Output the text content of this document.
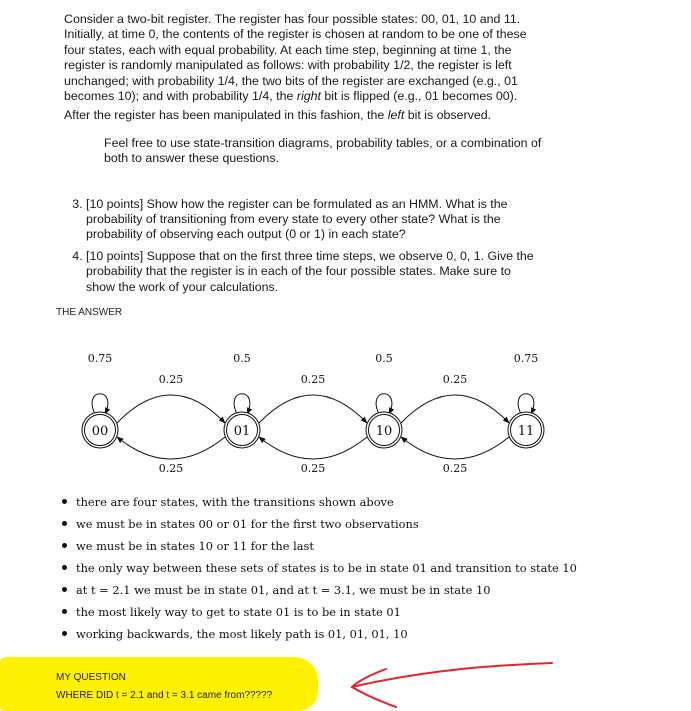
Consider a two-bit register. The register has four possible states: 00, 01, 10 and 11.
Initially, at time 0, the contents of the register is chosen at random to be one of these
four states, each with equal probability. At each time step, beginning at time 1, the
register is randomly manipulated as follows: with probability 1/2, the register is left
unchanged; with probability 1/4, the two bits of the register are exchanged (e.g., 01
becomes 10); and with probability 1/4, the right bit is flipped (e.g., 01 becomes 00).

After the register has been manipulated in this fashion, the left bit is observed.

Feel free to use state-transition diagrams, probability tables, or a combination of
both to answer these questions.

3. [10 points] Show how the register can be formulated as an HMM. What is the
probability of transitioning from every state to every other state? What is the
probability of observing each output (0 or 1) in each state?
4. [10 points] Suppose that on the first three time steps, we observe 0, 0, 1. Give the
probability that the register is in each of the four possible states. Make sure to
show the work of your calculations.
THE ANSWER
0.75	0.5	0.5	0.75
0.25	0.25	0.25
0.25	0.25	0.25
00	01	10	11
there are four states, with the transitions shown above
we must be in states 00 or 01 for the first two observations
we must be in states 10 or 11 for the last
the only way between these sets of states is to be in state 01 and transition to state 10
at t = 2.1 we must be in state 01, and at t = 3.1, we must be in state 10
the most likely way to get to state 01 is to be in state 01
working backwards, the most likely path is 01, 01, 01, 10
MY QUESTION
WHERE DID t = 2.1 and t = 3.1 came from?????
